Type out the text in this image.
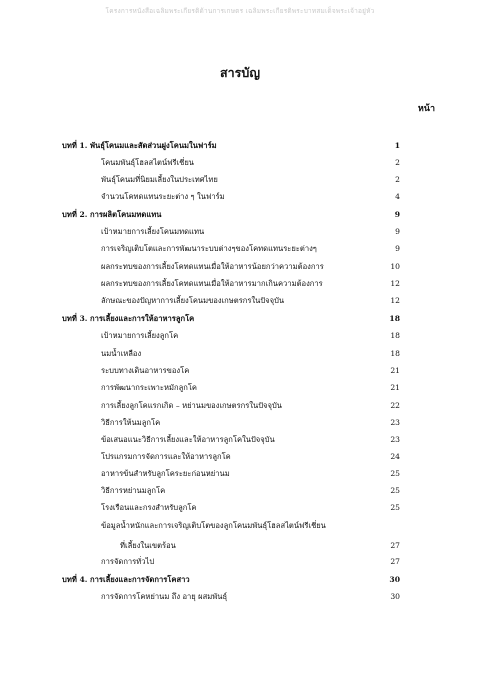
โครงการหนังสือเฉลิมพระเกียรติด้านการเกษตร เฉลิมพระเกียรติพระบาทสมเด็จพระเจ้าอยู่หัว
สารบัญ
หน้า
บทที่ 1. พันธุ์โคนมและสัดส่วนฝูงโคนมในฟาร์ม	1
โคนมพันธุ์โฮลสไตน์ฟรีเชี่ยน	2
พันธุ์โคนมที่นิยมเลี้ยงในประเทศไทย	2
จำนวนโคทดแทนระยะต่าง ๆ ในฟาร์ม	4
บทที่ 2. การผลิตโคนมทดแทน	9
เป้าหมายการเลี้ยงโคนมทดแทน	9
การเจริญเติบโตและการพัฒนาระบบต่างๆของโคทดแทนระยะต่างๆ	9
ผลกระทบของการเลี้ยงโคทดแทนเมื่อให้อาหารน้อยกว่าความต้องการ	10
ผลกระทบของการเลี้ยงโคทดแทนเมื่อให้อาหารมากเกินความต้องการ	12
ลักษณะของปัญหาการเลี้ยงโคนมของเกษตรกรในปัจจุบัน	12
บทที่ 3. การเลี้ยงและการให้อาหารลูกโค	18
เป้าหมายการเลี้ยงลูกโค	18
นมน้ำเหลือง	18
ระบบทางเดินอาหารของโค	21
การพัฒนากระเพาะหมักลูกโค	21
การเลี้ยงลูกโคแรกเกิด – หย่านมของเกษตรกรในปัจจุบัน	22
วิธีการให้นมลูกโค	23
ข้อเสนอแนะวิธีการเลี้ยงและให้อาหารลูกโคในปัจจุบัน	23
โปรแกรมการจัดการและให้อาหารลูกโค	24
อาหารข้นสำหรับลูกโคระยะก่อนหย่านม	25
วิธีการหย่านมลูกโค	25
โรงเรือนและกรงสำหรับลูกโค	25
ข้อมูลน้ำหนักและการเจริญเติบโตของลูกโคนมพันธุ์โฮลสไตน์ฟรีเชี่ยน
ที่เลี้ยงในเขตร้อน	27
การจัดการทั่วไป	27
บทที่ 4. การเลี้ยงและการจัดการโคสาว	30
การจัดการโคหย่านม ถึง อายุ ผสมพันธุ์	30
